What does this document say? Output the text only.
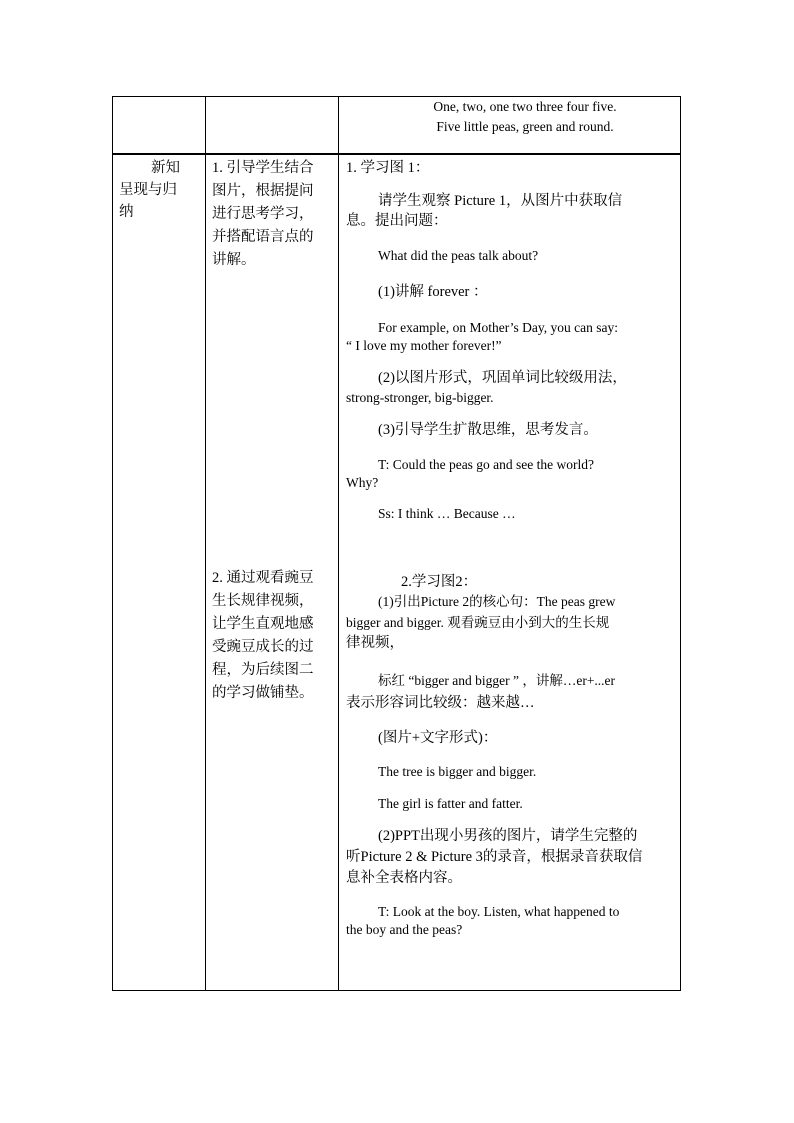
One, two, one two three four five.
Five little peas, green and round.
新知
呈现与归
纳
1. 引导学生结合
图片，根据提问
进行思考学习，
并搭配语言点的
讲解。
2. 通过观看豌豆
生长规律视频，
让学生直观地感
受豌豆成长的过
程，为后续图二
的学习做铺垫。
1. 学习图 1：
请学生观察 Picture 1，从图片中获取信
息。提出问题：
What did the peas talk about?
(1)讲解 forever ：
For example, on Mother’s Day, you can say:
“ I love my mother forever!”
(2)以图片形式，巩固单词比较级用法，
strong-stronger, big-bigger.
(3)引导学生扩散思维，思考发言。
T: Could the peas go and see the world?
Why?
Ss: I think … Because …
2.学习图2：
(1)引出Picture 2的核心句：The peas grew
bigger and bigger. 观看豌豆由小到大的生长规
律视频，
标红 “bigger and bigger ” ，讲解…er+...er
表示形容词比较级：越来越…
(图片+文字形式)：
The tree is bigger and bigger.
The girl is fatter and fatter.
(2)PPT出现小男孩的图片，请学生完整的
听Picture 2 & Picture 3的录音，根据录音获取信
息补全表格内容。
T: Look at the boy. Listen, what happened to
the boy and the peas?
